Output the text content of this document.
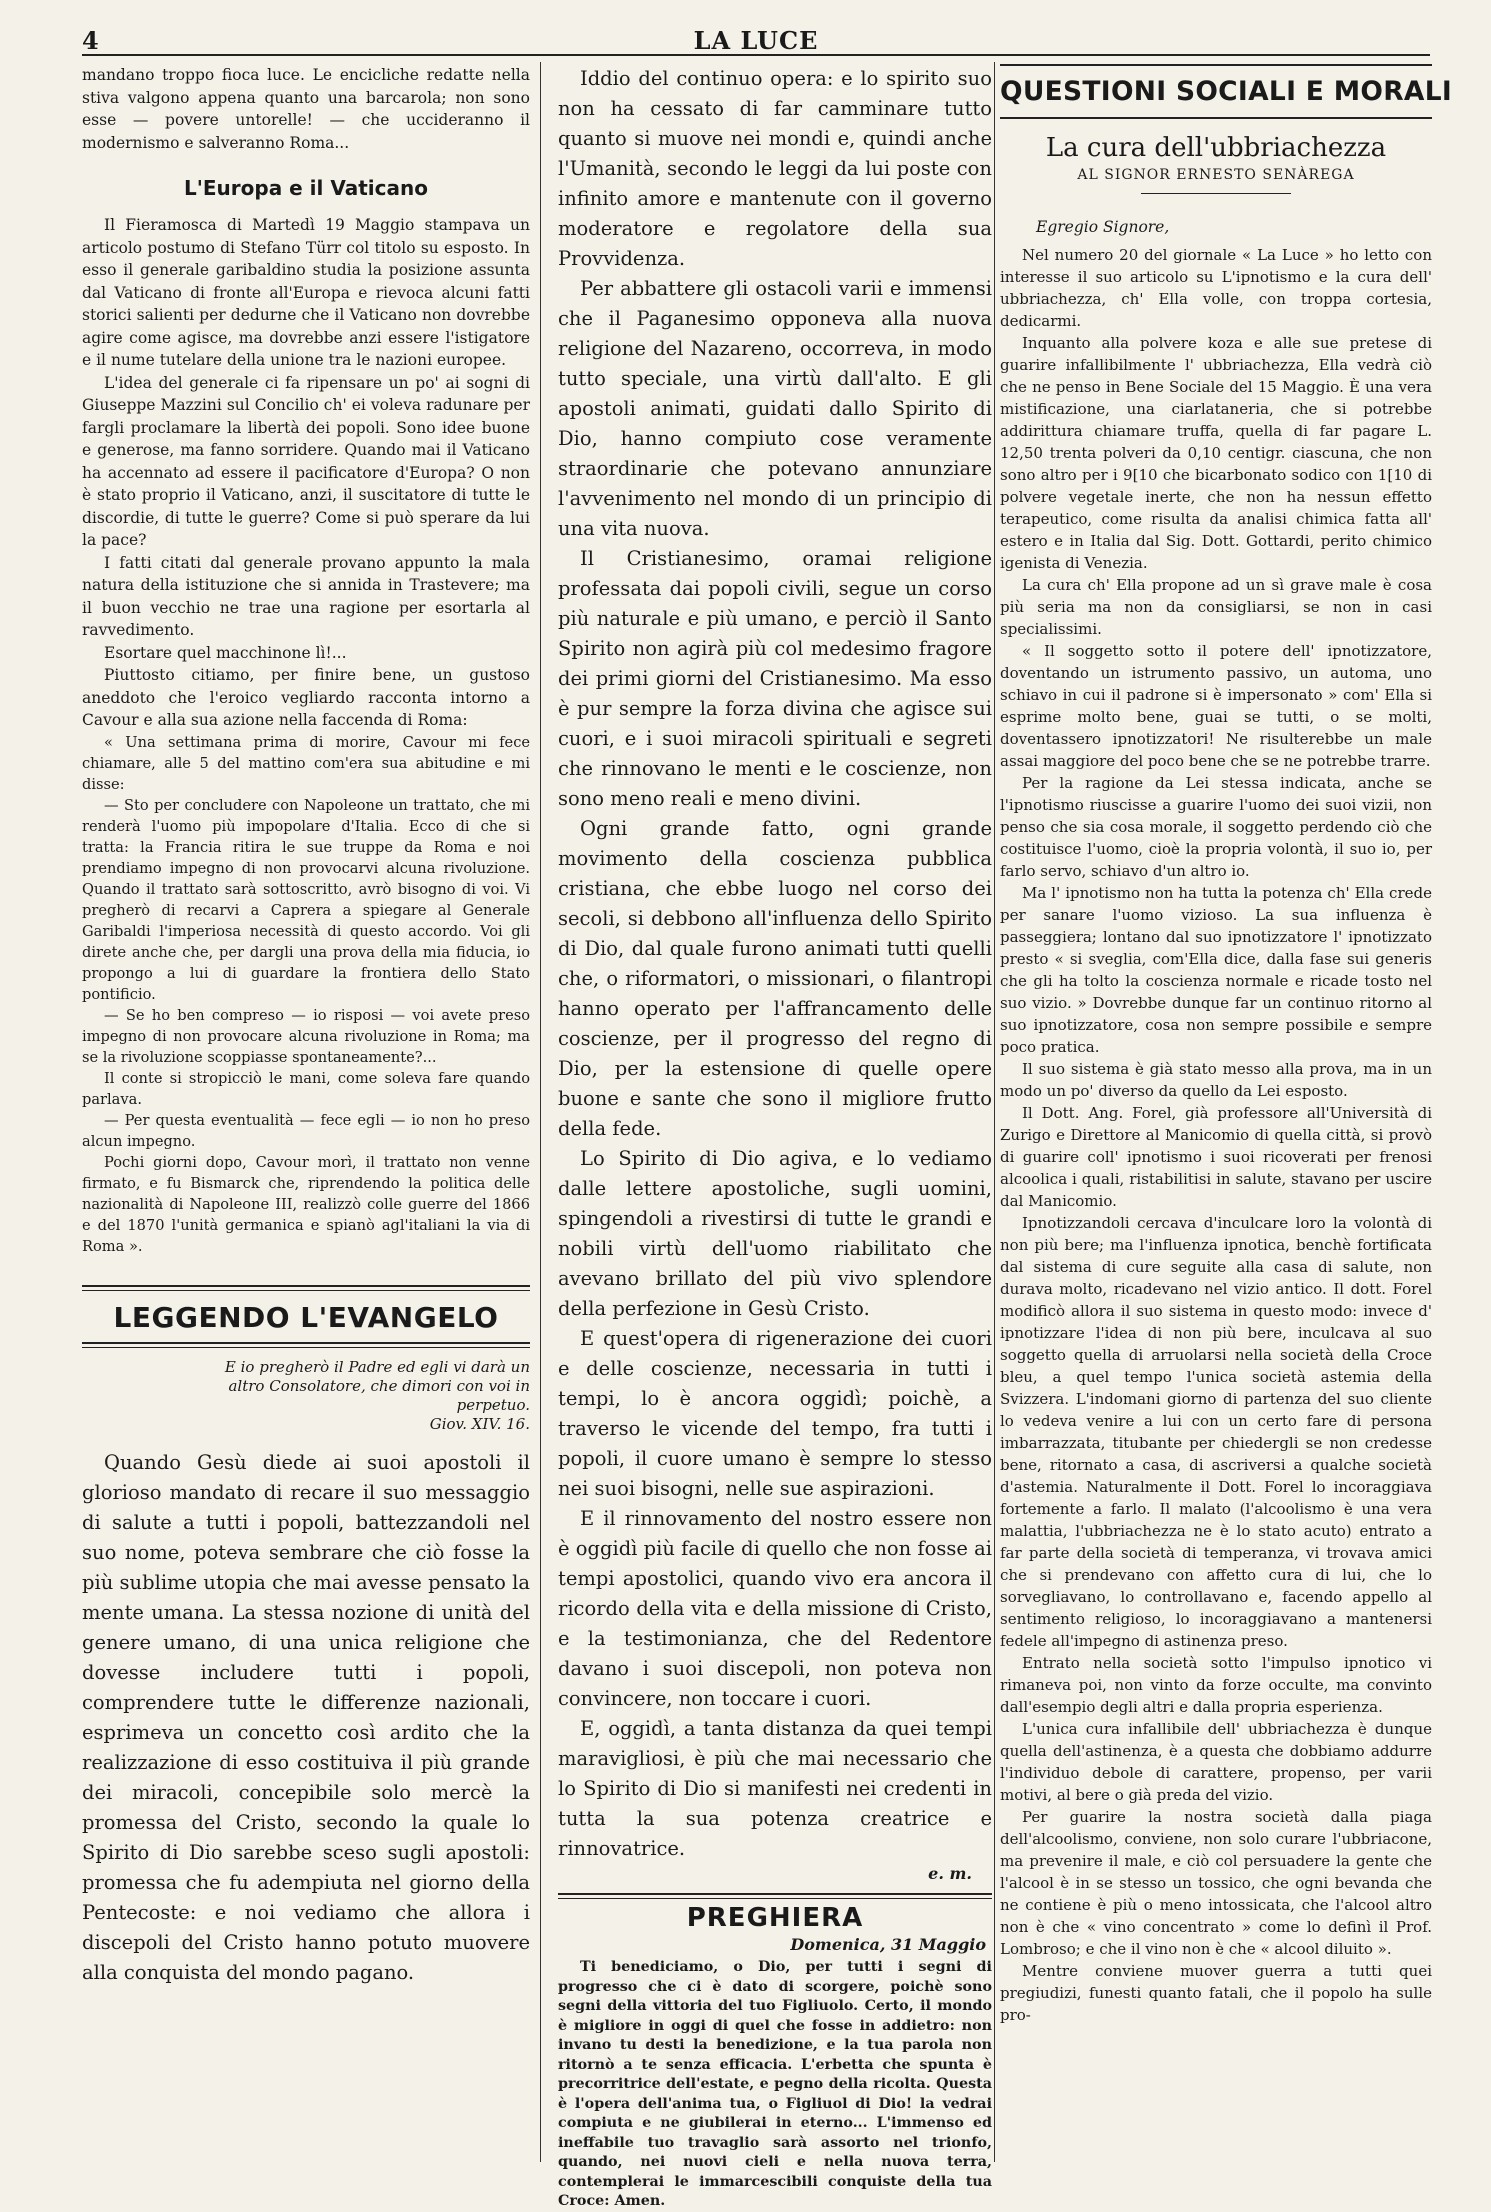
4	LA LUCE

mandano troppo fioca luce. Le encicliche redatte nella stiva valgono appena quanto una barcarola; non sono esse — povere untorelle! — che uccideranno il modernismo e salveranno Roma...

L'Europa e il Vaticano

Il Fieramosca di Martedì 19 Maggio stampava un articolo postumo di Stefano Türr col titolo su esposto. In esso il generale garibaldino studia la posizione assunta dal Vaticano di fronte all'Europa e rievoca alcuni fatti storici salienti per dedurne che il Vaticano non dovrebbe agire come agisce, ma dovrebbe anzi essere l'istigatore e il nume tutelare della unione tra le nazioni europee.

L'idea del generale ci fa ripensare un po' ai sogni di Giuseppe Mazzini sul Concilio ch' ei voleva radunare per fargli proclamare la libertà dei popoli. Sono idee buone e generose, ma fanno sorridere. Quando mai il Vaticano ha accennato ad essere il pacificatore d'Europa? O non è stato proprio il Vaticano, anzi, il suscitatore di tutte le discordie, di tutte le guerre? Come si può sperare da lui la pace?

I fatti citati dal generale provano appunto la mala natura della istituzione che si annida in Trastevere; ma il buon vecchio ne trae una ragione per esortarla al ravvedimento.

Esortare quel macchinone lì!...

Piuttosto citiamo, per finire bene, un gustoso aneddoto che l'eroico vegliardo racconta intorno a Cavour e alla sua azione nella faccenda di Roma:

« Una settimana prima di morire, Cavour mi fece chiamare, alle 5 del mattino com'era sua abitudine e mi disse:

— Sto per concludere con Napoleone un trattato, che mi renderà l'uomo più impopolare d'Italia. Ecco di che si tratta: la Francia ritira le sue truppe da Roma e noi prendiamo impegno di non provocarvi alcuna rivoluzione. Quando il trattato sarà sottoscritto, avrò bisogno di voi. Vi pregherò di recarvi a Caprera a spiegare al Generale Garibaldi l'imperiosa necessità di questo accordo. Voi gli direte anche che, per dargli una prova della mia fiducia, io propongo a lui di guardare la frontiera dello Stato pontificio.

— Se ho ben compreso — io risposi — voi avete preso impegno di non provocare alcuna rivoluzione in Roma; ma se la rivoluzione scoppiasse spontaneamente?...

Il conte si stropicciò le mani, come soleva fare quando parlava.

— Per questa eventualità — fece egli — io non ho preso alcun impegno.

Pochi giorni dopo, Cavour morì, il trattato non venne firmato, e fu Bismarck che, riprendendo la politica delle nazionalità di Napoleone III, realizzò colle guerre del 1866 e del 1870 l'unità germanica e spianò agl'italiani la via di Roma ».

LEGGENDO L'EVANGELO
E io pregherò il Padre ed egli vi darà un altro Consolatore, che dimori con voi in perpetuo.
Giov. XIV. 16.

Quando Gesù diede ai suoi apostoli il glorioso mandato di recare il suo messaggio di salute a tutti i popoli, battezzandoli nel suo nome, poteva sembrare che ciò fosse la più sublime utopia che mai avesse pensato la mente umana. La stessa nozione di unità del genere umano, di una unica religione che dovesse includere tutti i popoli, comprendere tutte le differenze nazionali, esprimeva un concetto così ardito che la realizzazione di esso costituiva il più grande dei miracoli, concepibile solo mercè la promessa del Cristo, secondo la quale lo Spirito di Dio sarebbe sceso sugli apostoli: promessa che fu adempiuta nel giorno della Pentecoste: e noi vediamo che allora i discepoli del Cristo hanno potuto muovere alla conquista del mondo pagano.

Iddio del continuo opera: e lo spirito suo non ha cessato di far camminare tutto quanto si muove nei mondi e, quindi anche l'Umanità, secondo le leggi da lui poste con infinito amore e mantenute con il governo moderatore e regolatore della sua Provvidenza.

Per abbattere gli ostacoli varii e immensi che il Paganesimo opponeva alla nuova religione del Nazareno, occorreva, in modo tutto speciale, una virtù dall'alto. E gli apostoli animati, guidati dallo Spirito di Dio, hanno compiuto cose veramente straordinarie che potevano annunziare l'avvenimento nel mondo di un principio di una vita nuova.

Il Cristianesimo, oramai religione professata dai popoli civili, segue un corso più naturale e più umano, e perciò il Santo Spirito non agirà più col medesimo fragore dei primi giorni del Cristianesimo. Ma esso è pur sempre la forza divina che agisce sui cuori, e i suoi miracoli spirituali e segreti che rinnovano le menti e le coscienze, non sono meno reali e meno divini.

Ogni grande fatto, ogni grande movimento della coscienza pubblica cristiana, che ebbe luogo nel corso dei secoli, si debbono all'influenza dello Spirito di Dio, dal quale furono animati tutti quelli che, o riformatori, o missionari, o filantropi hanno operato per l'affrancamento delle coscienze, per il progresso del regno di Dio, per la estensione di quelle opere buone e sante che sono il migliore frutto della fede.

Lo Spirito di Dio agiva, e lo vediamo dalle lettere apostoliche, sugli uomini, spingendoli a rivestirsi di tutte le grandi e nobili virtù dell'uomo riabilitato che avevano brillato del più vivo splendore della perfezione in Gesù Cristo.

E quest'opera di rigenerazione dei cuori e delle coscienze, necessaria in tutti i tempi, lo è ancora oggidì; poichè, a traverso le vicende del tempo, fra tutti i popoli, il cuore umano è sempre lo stesso nei suoi bisogni, nelle sue aspirazioni.

E il rinnovamento del nostro essere non è oggidì più facile di quello che non fosse ai tempi apostolici, quando vivo era ancora il ricordo della vita e della missione di Cristo, e la testimonianza, che del Redentore davano i suoi discepoli, non poteva non convincere, non toccare i cuori.

E, oggidì, a tanta distanza da quei tempi maravigliosi, è più che mai necessario che lo Spirito di Dio si manifesti nei credenti in tutta la sua potenza creatrice e rinnovatrice.

e. m.
PREGHIERA
Domenica, 31 Maggio

Ti benediciamo, o Dio, per tutti i segni di progresso che ci è dato di scorgere, poichè sono segni della vittoria del tuo Figliuolo. Certo, il mondo è migliore in oggi di quel che fosse in addietro: non invano tu desti la benedizione, e la tua parola non ritornò a te senza efficacia. L'erbetta che spunta è precorritrice dell'estate, e pegno della ricolta. Questa è l'opera dell'anima tua, o Figliuol di Dio! la vedrai compiuta e ne giubilerai in eterno... L'immenso ed ineffabile tuo travaglio sarà assorto nel trionfo, quando, nei nuovi cieli e nella nuova terra, contemplerai le immarcescibili conquiste della tua Croce: Amen.

QUESTIONI SOCIALI E MORALI
La cura dell'ubbriachezza
AL SIGNOR ERNESTO SENÀREGA
Egregio Signore,

Nel numero 20 del giornale « La Luce » ho letto con interesse il suo articolo su L'ipnotismo e la cura dell' ubbriachezza, ch' Ella volle, con troppa cortesia, dedicarmi.

Inquanto alla polvere koza e alle sue pretese di guarire infallibilmente l' ubbriachezza, Ella vedrà ciò che ne penso in Bene Sociale del 15 Maggio. È una vera mistificazione, una ciarlataneria, che si potrebbe addirittura chiamare truffa, quella di far pagare L. 12,50 trenta polveri da 0,10 centigr. ciascuna, che non sono altro per i 9[10 che bicarbonato sodico con 1[10 di polvere vegetale inerte, che non ha nessun effetto terapeutico, come risulta da analisi chimica fatta all' estero e in Italia dal Sig. Dott. Gottardi, perito chimico igenista di Venezia.

La cura ch' Ella propone ad un sì grave male è cosa più seria ma non da consigliarsi, se non in casi specialissimi.

« Il soggetto sotto il potere dell' ipnotizzatore, doventando un istrumento passivo, un automa, uno schiavo in cui il padrone si è impersonato » com' Ella si esprime molto bene, guai se tutti, o se molti, doventassero ipnotizzatori! Ne risulterebbe un male assai maggiore del poco bene che se ne potrebbe trarre.

Per la ragione da Lei stessa indicata, anche se l'ipnotismo riuscisse a guarire l'uomo dei suoi vizii, non penso che sia cosa morale, il soggetto perdendo ciò che costituisce l'uomo, cioè la propria volontà, il suo io, per farlo servo, schiavo d'un altro io.

Ma l' ipnotismo non ha tutta la potenza ch' Ella crede per sanare l'uomo vizioso. La sua influenza è passeggiera; lontano dal suo ipnotizzatore l' ipnotizzato presto « si sveglia, com'Ella dice, dalla fase sui generis che gli ha tolto la coscienza normale e ricade tosto nel suo vizio. » Dovrebbe dunque far un continuo ritorno al suo ipnotizzatore, cosa non sempre possibile e sempre poco pratica.

Il suo sistema è già stato messo alla prova, ma in un modo un po' diverso da quello da Lei esposto.

Il Dott. Ang. Forel, già professore all'Università di Zurigo e Direttore al Manicomio di quella città, si provò di guarire coll' ipnotismo i suoi ricoverati per frenosi alcoolica i quali, ristabilitisi in salute, stavano per uscire dal Manicomio.

Ipnotizzandoli cercava d'inculcare loro la volontà di non più bere; ma l'influenza ipnotica, benchè fortificata dal sistema di cure seguite alla casa di salute, non durava molto, ricadevano nel vizio antico. Il dott. Forel modificò allora il suo sistema in questo modo: invece d' ipnotizzare l'idea di non più bere, inculcava al suo soggetto quella di arruolarsi nella società della Croce bleu, a quel tempo l'unica società astemia della Svizzera. L'indomani giorno di partenza del suo cliente lo vedeva venire a lui con un certo fare di persona imbarrazzata, titubante per chiedergli se non credesse bene, ritornato a casa, di ascriversi a qualche società d'astemia. Naturalmente il Dott. Forel lo incoraggiava fortemente a farlo. Il malato (l'alcoolismo è una vera malattia, l'ubbriachezza ne è lo stato acuto) entrato a far parte della società di temperanza, vi trovava amici che si prendevano con affetto cura di lui, che lo sorvegliavano, lo controllavano e, facendo appello al sentimento religioso, lo incoraggiavano a mantenersi fedele all'impegno di astinenza preso.

Entrato nella società sotto l'impulso ipnotico vi rimaneva poi, non vinto da forze occulte, ma convinto dall'esempio degli altri e dalla propria esperienza.

L'unica cura infallibile dell' ubbriachezza è dunque quella dell'astinenza, è a questa che dobbiamo addurre l'individuo debole di carattere, propenso, per varii motivi, al bere o già preda del vizio.

Per guarire la nostra società dalla piaga dell'alcoolismo, conviene, non solo curare l'ubbriacone, ma prevenire il male, e ciò col persuadere la gente che l'alcool è in se stesso un tossico, che ogni bevanda che ne contiene è più o meno intossicata, che l'alcool altro non è che « vino concentrato » come lo definì il Prof. Lombroso; e che il vino non è che « alcool diluito ».

Mentre conviene muover guerra a tutti quei pregiudizi, funesti quanto fatali, che il popolo ha sulle pro-
